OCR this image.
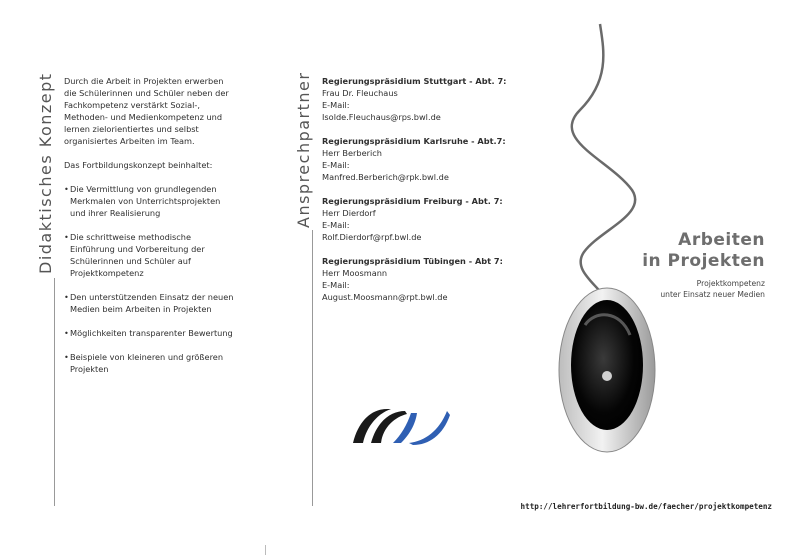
Didaktisches Konzept Durch die Arbeit in Projekten erwerben die Schülerinnen und Schüler neben der Fachkompetenz verstärkt Sozial-, Methoden- und Medienkompetenz und lernen zielorientiertes und selbst organisiertes Arbeiten im Team.

Das Fortbildungskonzept beinhaltet:

• Die Vermittlung von grundlegenden Merkmalen von Unterrichtsprojekten und ihrer Realisierung
• Die schrittweise methodische Einführung und Vorbereitung der Schülerinnen und Schüler auf Projektkompetenz
• Den unterstützenden Einsatz der neuen Medien beim Arbeiten in Projekten
• Möglichkeiten transparenter Bewertung
• Beispiele von kleineren und größeren Projekten
Ansprechpartner Regierungspräsidium Stuttgart - Abt. 7:
Frau Dr. Fleuchaus
E-Mail:
Isolde.Fleuchaus@rps.bwl.de
Regierungspräsidium Karlsruhe - Abt.7:
Herr Berberich
E-Mail:
Manfred.Berberich@rpk.bwl.de
Regierungspräsidium Freiburg - Abt. 7:
Herr Dierdorf
E-Mail:
Rolf.Dierdorf@rpf.bwl.de
Regierungspräsidium Tübingen - Abt 7:
Herr Moosmann
E-Mail:
August.Moosmann@rpt.bwl.de
Arbeiten
in Projekten
Projektkompetenz
unter Einsatz neuer Medien
http://lehrerfortbildung-bw.de/faecher/projektkompetenz
